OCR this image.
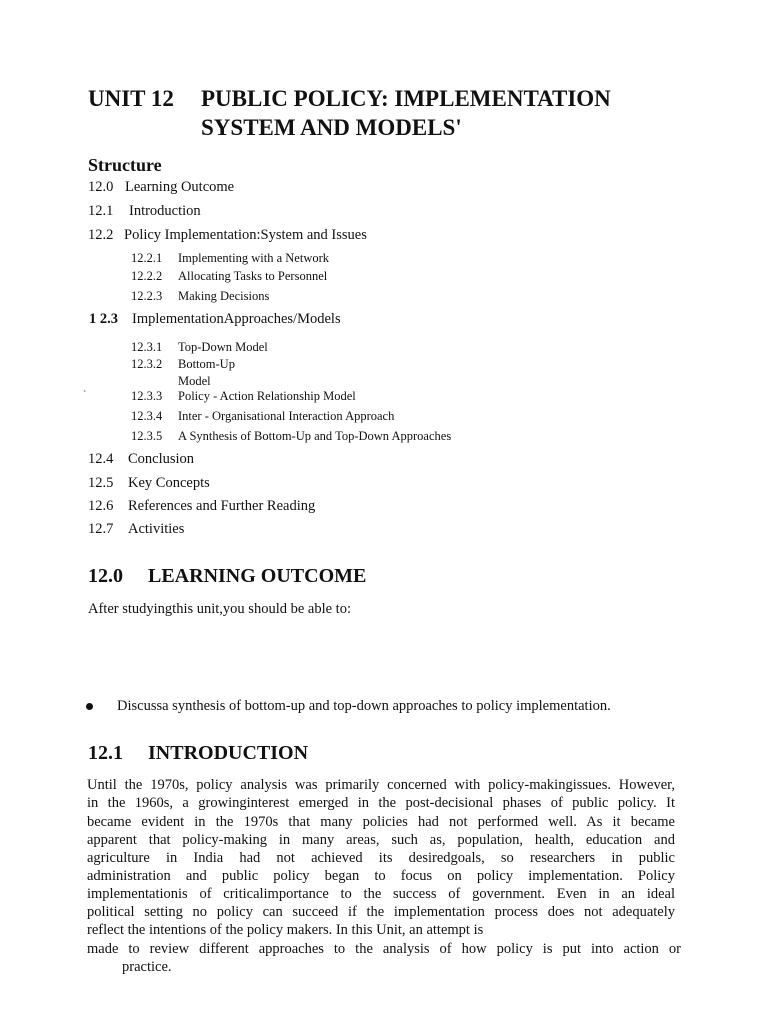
UNIT 12 PUBLIC POLICY: IMPLEMENTATION SYSTEM AND MODELS'
Structure
12.0 Learning Outcome
12.1 Introduction
12.2 Policy Implementation:System and Issues
12.2.1 Implementing with a Network
12.2.2 Allocating Tasks to Personnel
12.2.3 Making Decisions
1 2.3 ImplementationApproaches/Models
12.3.1 Top-Down Model
12.3.2 Bottom-Up
Model
`	12.3.3 Policy - Action Relationship Model
12.3.4 Inter - Organisational Interaction Approach
12.3.5 A Synthesis of Bottom-Up and Top-Down Approaches
12.4 Conclusion
12.5 Key Concepts
12.6 References and Further Reading
12.7 Activities
12.0 LEARNING OUTCOME
After studyingthis unit,you should be able to:
Discussa synthesis of bottom-up and top-down approaches to policy implementation.
12.1 INTRODUCTION
Until the 1970s, policy analysis was primarily concerned with policy-makingissues. However,
in the 1960s, a growinginterest emerged in the post-decisional phases of public policy. It
became evident in the 1970s that many policies had not performed well. As it became
apparent that policy-making in many areas, such as, population, health, education and
agriculture in India had not achieved its desiredgoals, so researchers in public
administration and public policy began to focus on policy implementation. Policy
implementationis of criticalimportance to the success of government. Even in an ideal
political setting no policy can succeed if the implementation process does not adequately
reflect the intentions of the policy makers. In this Unit, an attempt is
made to review different approaches to the analysis of how policy is put into action or
practice.
